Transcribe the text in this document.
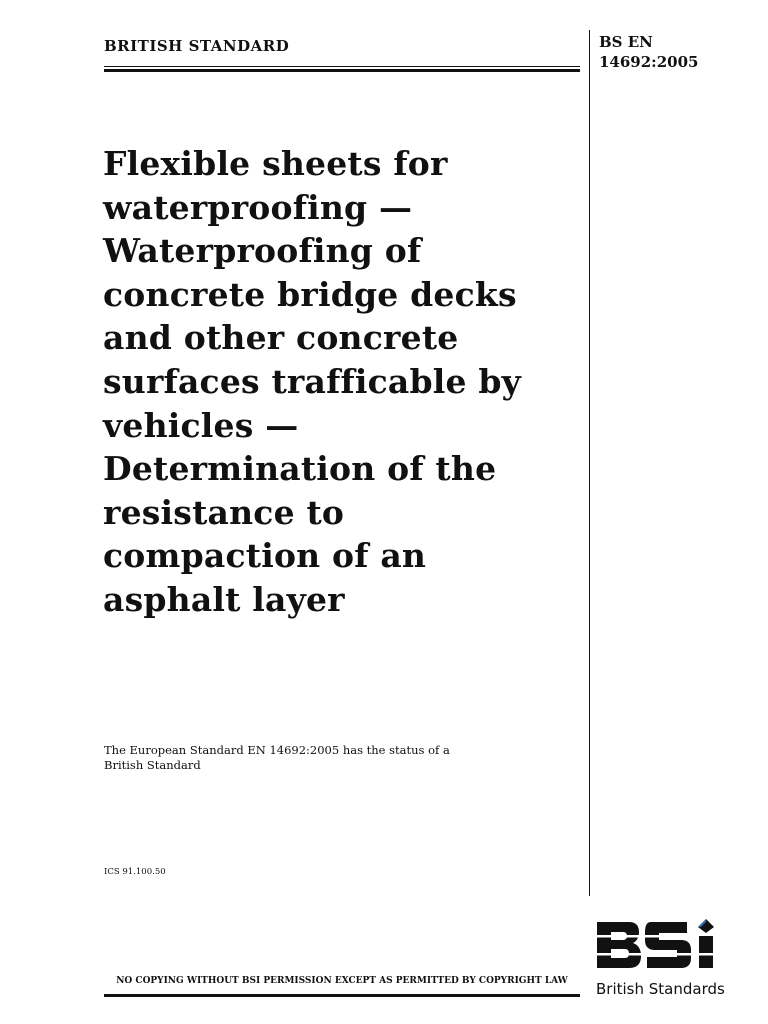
BRITISH STANDARD	BS EN
14692:2005
Flexible sheets for
waterproofing —
Waterproofing of
concrete bridge decks
and other concrete
surfaces trafficable by
vehicles —
Determination of the
resistance to
compaction of an
asphalt layer
The European Standard EN 14692:2005 has the status of a
British Standard
ICS 91.100.50
NO COPYING WITHOUT BSI PERMISSION EXCEPT AS PERMITTED BY COPYRIGHT LAW	British Standards
